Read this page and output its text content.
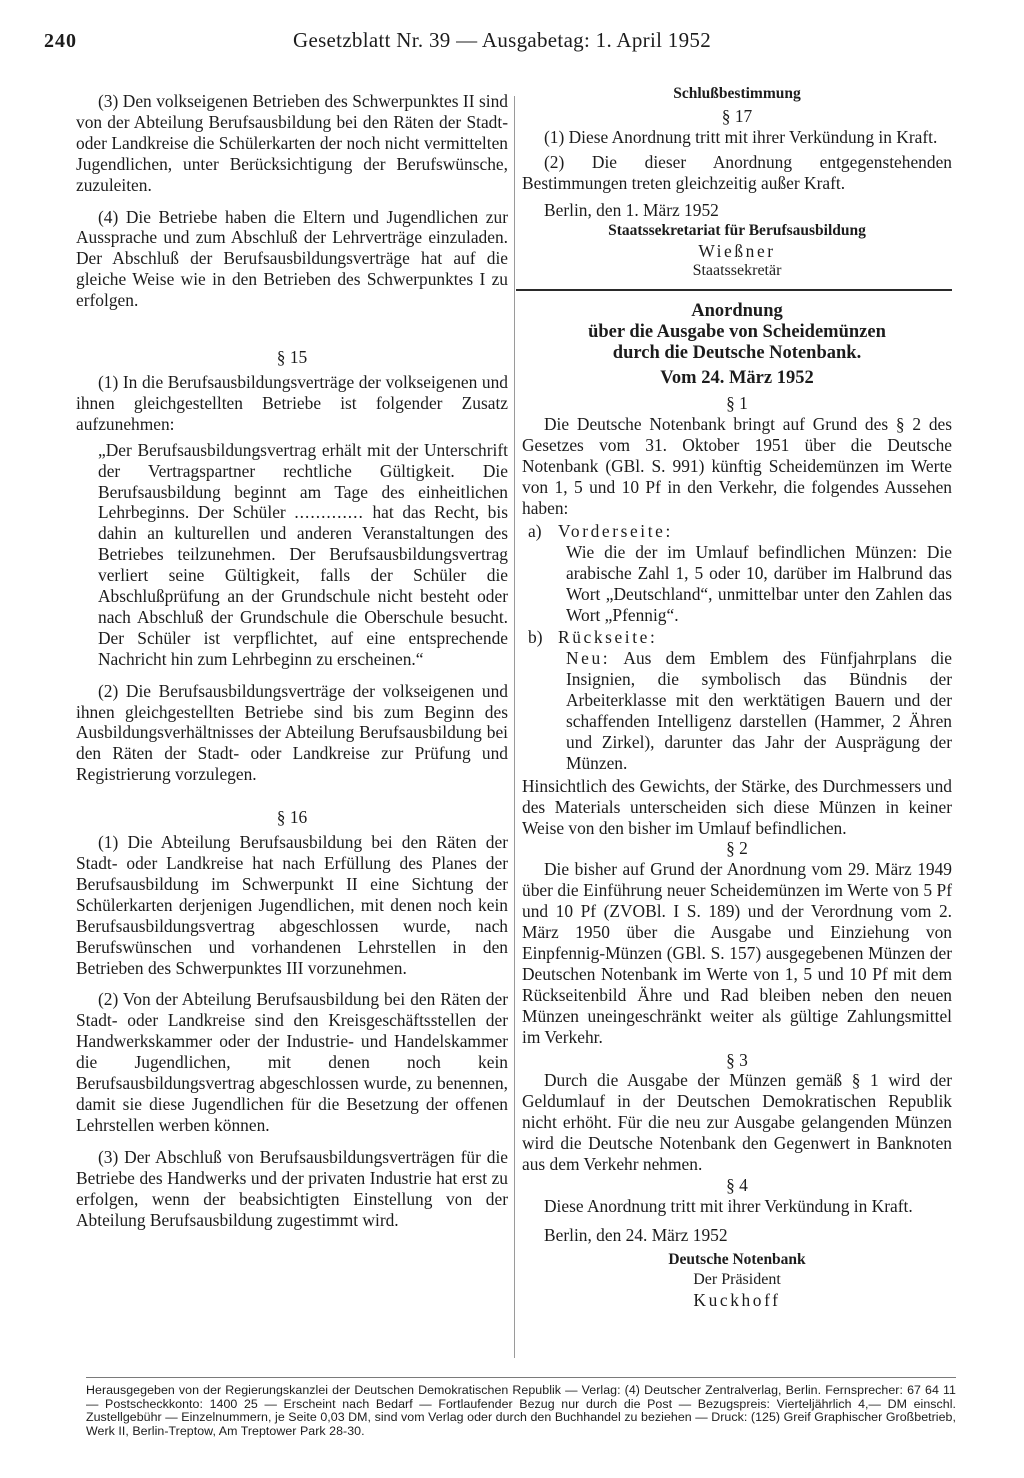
240	Gesetzblatt Nr. 39 — Ausgabetag: 1. April 1952

(3) Den volkseigenen Betrieben des Schwerpunktes II sind von der Abteilung Berufsausbildung bei den Räten der Stadt- oder Landkreise die Schülerkarten der noch nicht vermittelten Jugendlichen, unter Berücksichtigung der Berufswünsche, zuzuleiten.

(4) Die Betriebe haben die Eltern und Jugendlichen zur Aussprache und zum Abschluß der Lehrverträge einzuladen. Der Abschluß der Berufsausbildungsverträge hat auf die gleiche Weise wie in den Betrieben des Schwerpunktes I zu erfolgen.

§ 15

(1) In die Berufsausbildungsverträge der volkseigenen und ihnen gleichgestellten Betriebe ist folgender Zusatz aufzunehmen:

„Der Berufsausbildungsvertrag erhält mit der Unterschrift der Vertragspartner rechtliche Gültigkeit. Die Berufsausbildung beginnt am Tage des einheitlichen Lehrbeginns. Der Schüler ............. hat das Recht, bis dahin an kulturellen und anderen Veranstaltungen des Betriebes teilzunehmen. Der Berufsausbildungsvertrag verliert seine Gültigkeit, falls der Schüler die Abschlußprüfung an der Grundschule nicht besteht oder nach Abschluß der Grundschule die Oberschule besucht. Der Schüler ist verpflichtet, auf eine entsprechende Nachricht hin zum Lehrbeginn zu erscheinen.“

(2) Die Berufsausbildungsverträge der volkseigenen und ihnen gleichgestellten Betriebe sind bis zum Beginn des Ausbildungsverhältnisses der Abteilung Berufsausbildung bei den Räten der Stadt- oder Landkreise zur Prüfung und Registrierung vorzulegen.

§ 16

(1) Die Abteilung Berufsausbildung bei den Räten der Stadt- oder Landkreise hat nach Erfüllung des Planes der Berufsausbildung im Schwerpunkt II eine Sichtung der Schülerkarten derjenigen Jugendlichen, mit denen noch kein Berufsausbildungsvertrag abgeschlossen wurde, nach Berufswünschen und vorhandenen Lehrstellen in den Betrieben des Schwerpunktes III vorzunehmen.

(2) Von der Abteilung Berufsausbildung bei den Räten der Stadt- oder Landkreise sind den Kreisgeschäftsstellen der Handwerkskammer oder der Industrie- und Handelskammer die Jugendlichen, mit denen noch kein Berufsausbildungsvertrag abgeschlossen wurde, zu benennen, damit sie diese Jugendlichen für die Besetzung der offenen Lehrstellen werben können.

(3) Der Abschluß von Berufsausbildungsverträgen für die Betriebe des Handwerks und der privaten Industrie hat erst zu erfolgen, wenn der beabsichtigten Einstellung von der Abteilung Berufsausbildung zugestimmt wird.

Schlußbestimmung

§ 17

(1) Diese Anordnung tritt mit ihrer Verkündung in Kraft.

(2) Die dieser Anordnung entgegenstehenden Bestimmungen treten gleichzeitig außer Kraft.

Berlin, den 1. März 1952

Staatssekretariat für Berufsausbildung

Wießner

Staatssekretär

Anordnung

über die Ausgabe von Scheidemünzen

durch die Deutsche Notenbank.

Vom 24. März 1952

§ 1

Die Deutsche Notenbank bringt auf Grund des § 2 des Gesetzes vom 31. Oktober 1951 über die Deutsche Notenbank (GBl. S. 991) künftig Scheidemünzen im Werte von 1, 5 und 10 Pf in den Verkehr, die folgendes Aussehen haben:

a) Vorderseite:

Wie die der im Umlauf befindlichen Münzen: Die arabische Zahl 1, 5 oder 10, darüber im Halbrund das Wort „Deutschland“, unmittelbar unter den Zahlen das Wort „Pfennig“.

b) Rückseite:

Neu: Aus dem Emblem des Fünfjahrplans die Insignien, die symbolisch das Bündnis der Arbeiterklasse mit den werktätigen Bauern und der schaffenden Intelligenz darstellen (Hammer, 2 Ähren und Zirkel), darunter das Jahr der Ausprägung der Münzen.

Hinsichtlich des Gewichts, der Stärke, des Durchmessers und des Materials unterscheiden sich diese Münzen in keiner Weise von den bisher im Umlauf befindlichen.

§ 2

Die bisher auf Grund der Anordnung vom 29. März 1949 über die Einführung neuer Scheidemünzen im Werte von 5 Pf und 10 Pf (ZVOBl. I S. 189) und der Verordnung vom 2. März 1950 über die Ausgabe und Einziehung von Einpfennig-Münzen (GBl. S. 157) ausgegebenen Münzen der Deutschen Notenbank im Werte von 1, 5 und 10 Pf mit dem Rückseitenbild Ähre und Rad bleiben neben den neuen Münzen uneingeschränkt weiter als gültige Zahlungsmittel im Verkehr.

§ 3

Durch die Ausgabe der Münzen gemäß § 1 wird der Geldumlauf in der Deutschen Demokratischen Republik nicht erhöht. Für die neu zur Ausgabe gelangenden Münzen wird die Deutsche Notenbank den Gegenwert in Banknoten aus dem Verkehr nehmen.

§ 4

Diese Anordnung tritt mit ihrer Verkündung in Kraft.

Berlin, den 24. März 1952

Deutsche Notenbank

Der Präsident

Kuckhoff

Herausgegeben von der Regierungskanzlei der Deutschen Demokratischen Republik — Verlag: (4) Deutscher Zentralverlag, Berlin. Fernsprecher: 67 64 11 — Postscheckkonto: 1400 25 — Erscheint nach Bedarf — Fortlaufender Bezug nur durch die Post — Bezugspreis: Vierteljährlich 4,— DM einschl. Zustellgebühr — Einzelnummern, je Seite 0,03 DM, sind vom Verlag oder durch den Buchhandel zu beziehen — Druck: (125) Greif Graphischer Großbetrieb, Werk II, Berlin-Treptow, Am Treptower Park 28-30.
